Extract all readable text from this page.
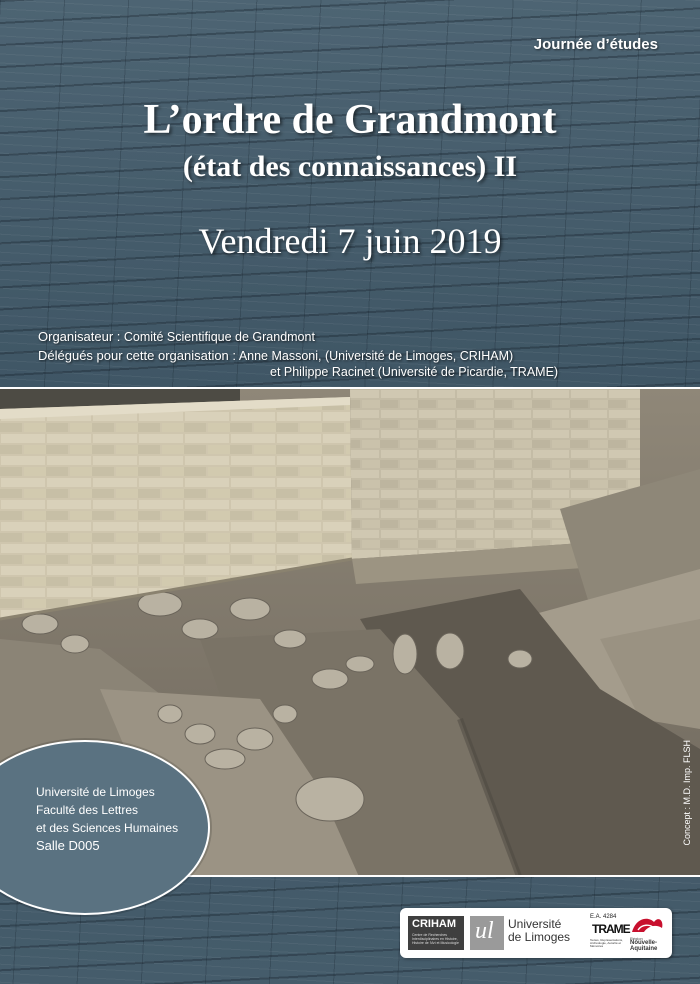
Journée d’études
L’ordre de Grandmont
(état des connaissances) II
Vendredi 7 juin 2019
Organisateur : Comité Scientifique de Grandmont
Délégués pour cette organisation : Anne Massoni, (Université de Limoges, CRIHAM)
et Philippe Racinet (Université de Picardie, TRAME)
Concept : M.D. Imp. FLSH
Université de Limoges
Faculté des Lettres
et des Sciences Humaines
Salle D005
CRIHAM
Centre de Recherches Interdisciplinaires en Histoire, Histoire de l'Art et Musicologie ul Université
de Limoges
E.A. 4284
TRAME
Textes, Représentations, Archéologie, Autorité et Mémoires
Région
Nouvelle-
Aquitaine
